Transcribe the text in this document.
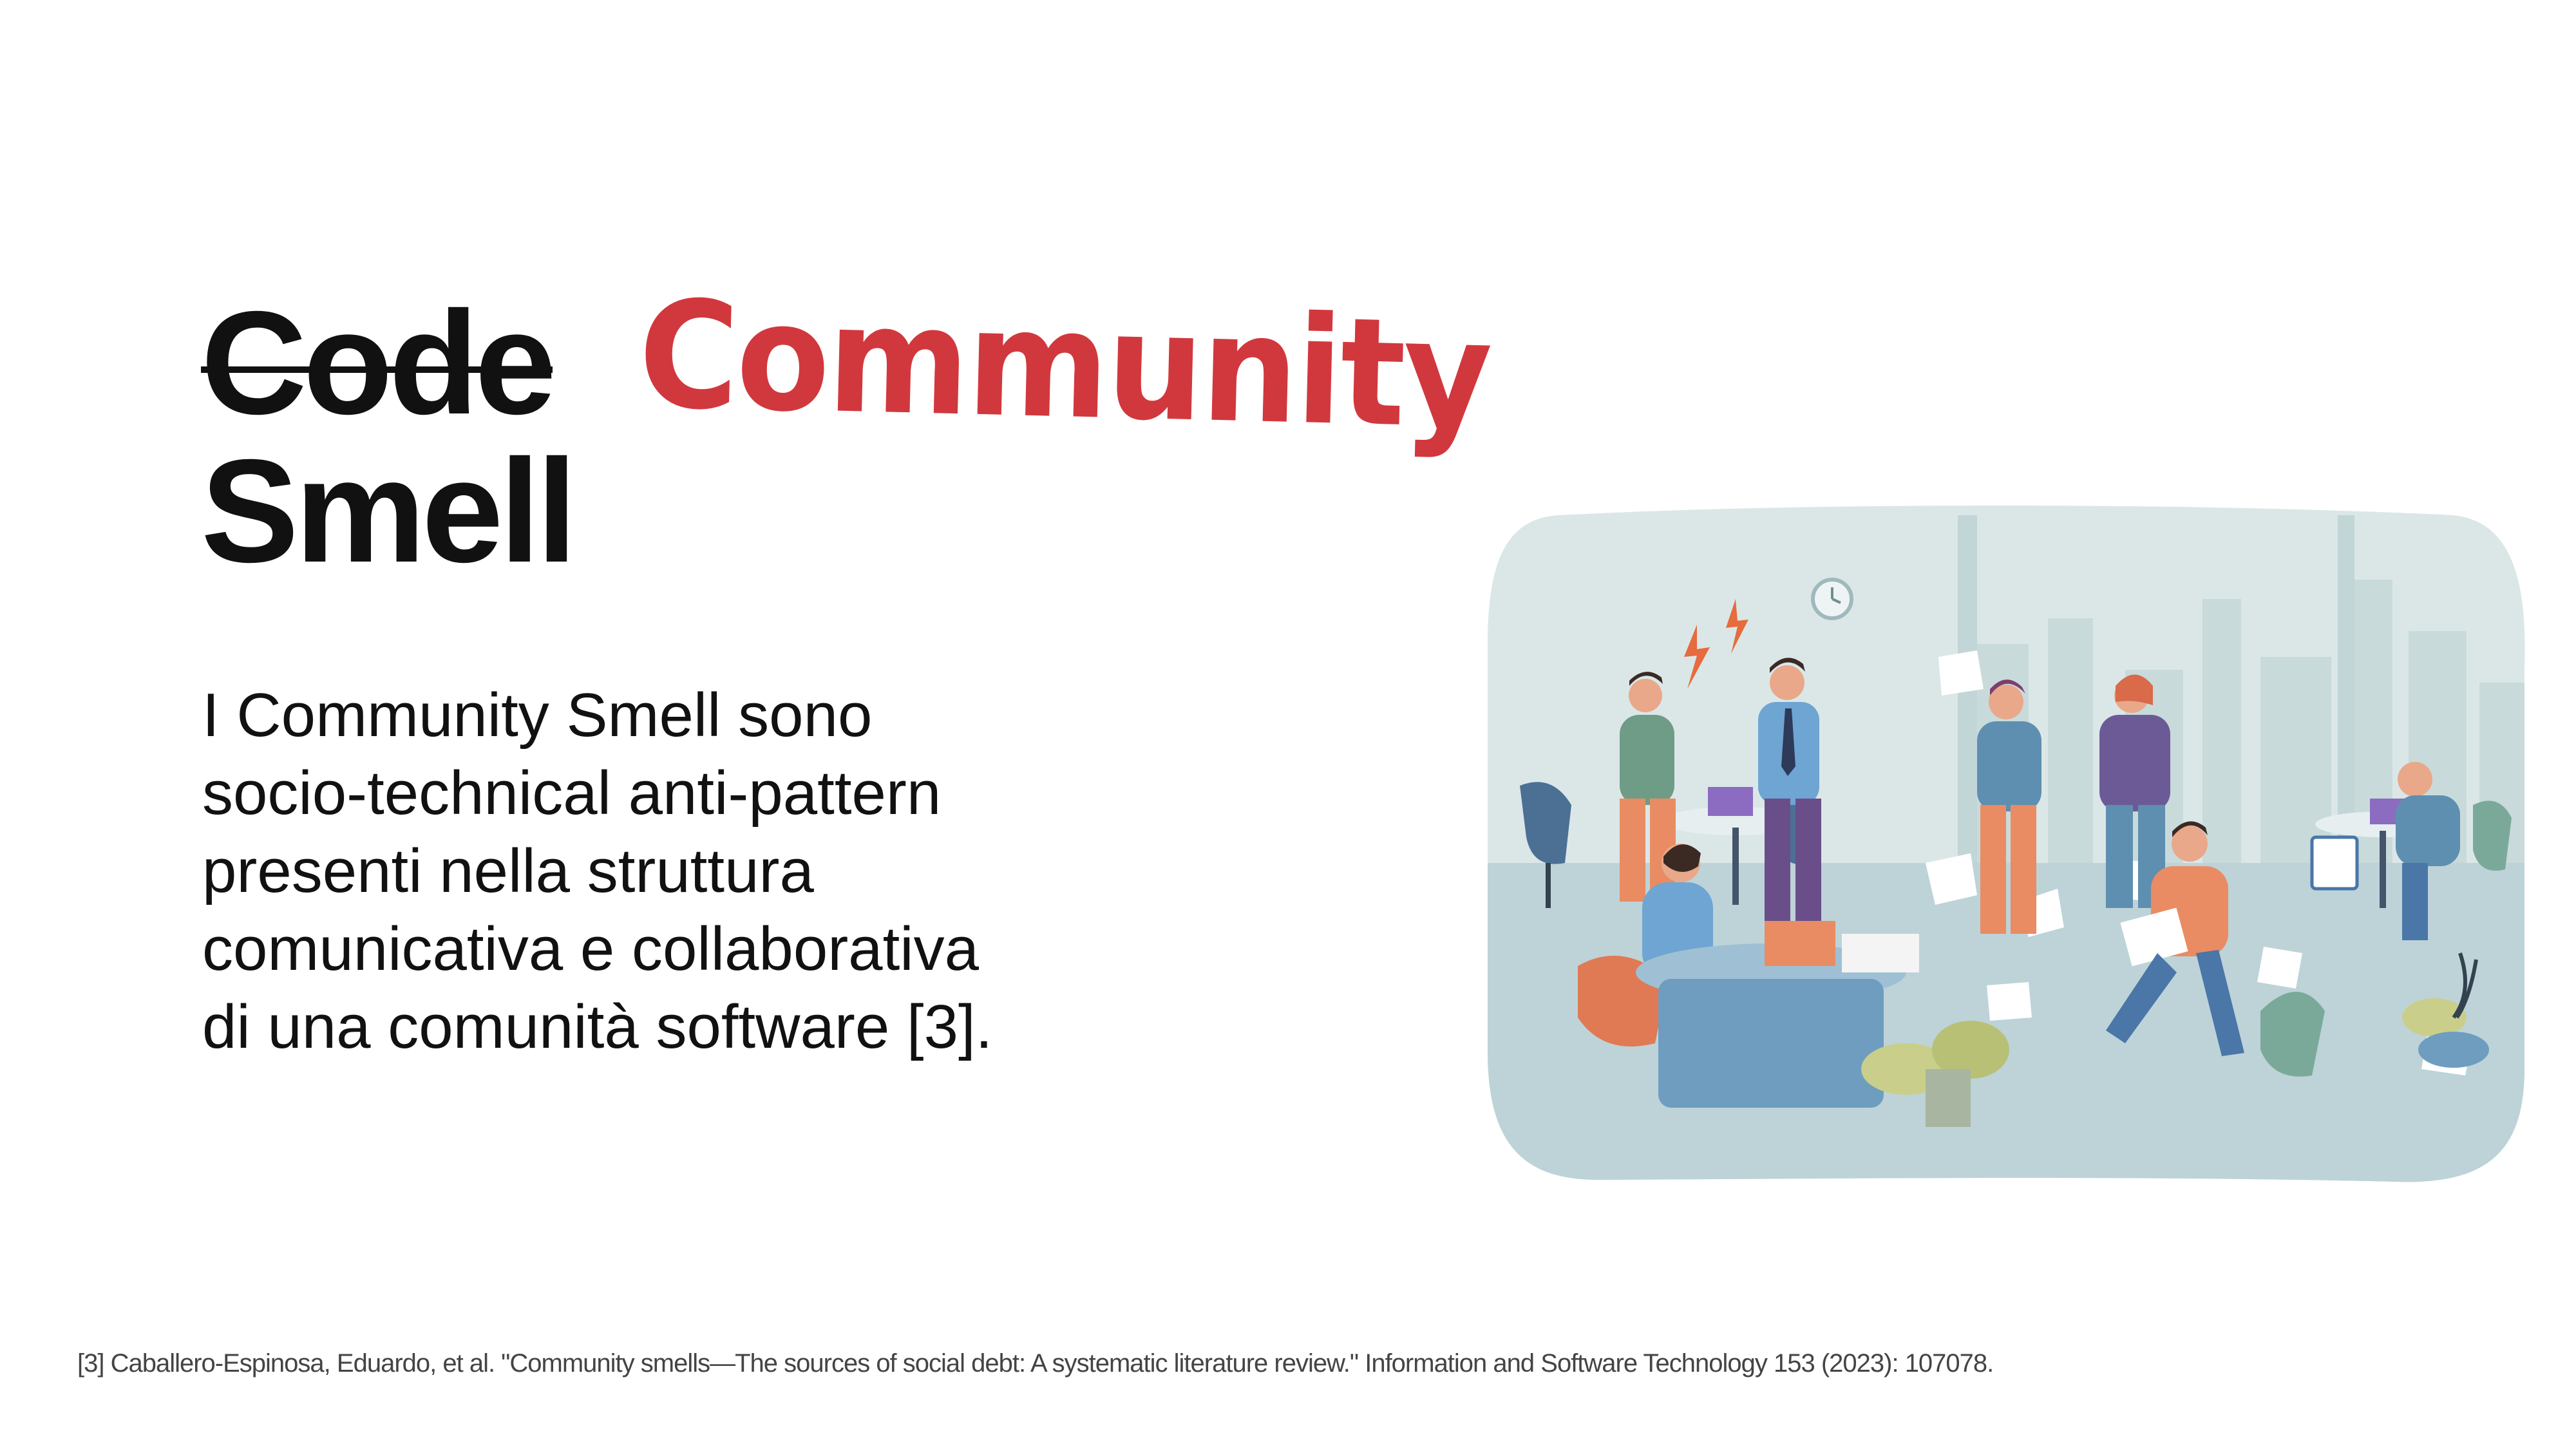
Code Community
Smell
I Community Smell sono
socio-technical anti-pattern
presenti nella struttura
comunicativa e collaborativa
di una comunità software [3].
[3] Caballero-Espinosa, Eduardo, et al. "Community smells—The sources of social debt: A systematic literature review." Information and Software Technology 153 (2023): 107078.
